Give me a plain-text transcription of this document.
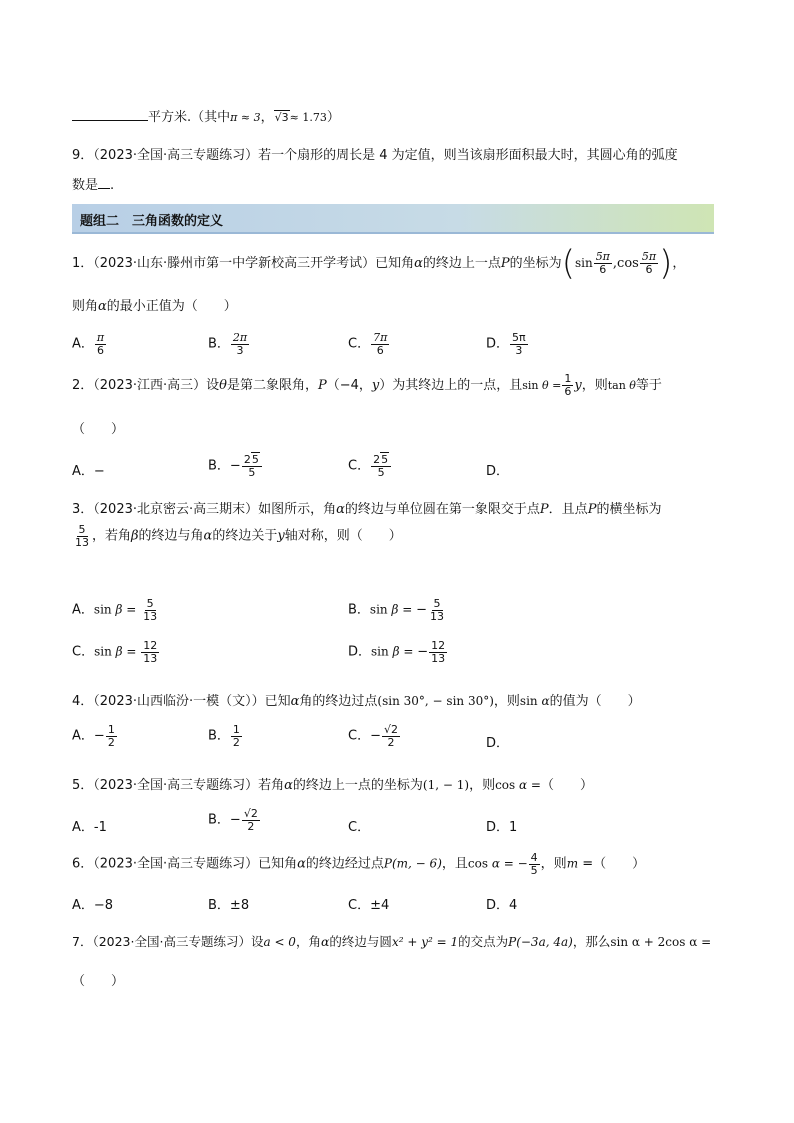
平方米.（其中π ≈ 3，√3≈ 1.73）
9．（2023·全国·高三专题练习）若一个扇形的周长是 4 为定值，则当该扇形面积最大时，其圆心角的弧度
数是 .
题组二　三角函数的定义
1．（2023·山东·滕州市第一中学新校高三开学考试）已知角α的终边上一点P的坐标为($\sin \frac{5\pi}{6} ,\cos \frac{5\pi}{6}$ )，
则角α的最小正值为（　　）
A． $\frac{\pi}{6}$	B． $\frac{2\pi}{3}$	C． $\frac{7\pi}{6}$	D． $\frac{5\pi}{3}$
2．（2023·江西·高三）设θ是第二象限角，P（−4，y）为其终边上的一点，且$\sin \theta = \frac{1}{6}$ y，则tan θ等于
（　　）
A．−	B．− $\frac{25}{5}$	C． $\frac{25}{5}$	D．
3．（2023·北京密云·高三期末）如图所示，角α的终边与单位圆在第一象限交于点P．且点P的横坐标为
$\frac{5}{13}$ ，若角β的终边与角α的终边关于y轴对称，则（　　）
A．$\sin \beta = \frac{5}{13}$	B．sin β = − $\frac{5}{13}$
C．$\sin \beta = \frac{12}{13}$	D．sin β = − $\frac{12}{13}$
4．（2023·山西临汾·一模（文））已知α角的终边过点(sin 30°, − sin 30°)，则sin α的值为（　　）
A．− $\frac{1}{2}$	B． $\frac{1}{2}$	C．− $\frac{√2}{2}$	D．
5．（2023·全国·高三专题练习）若角α的终边上一点的坐标为(1, − 1)，则cos α =（　　）
A．-1	B．− $\frac{√2}{2}$	C．	D．1
6．（2023·全国·高三专题练习）已知角α的终边经过点P(m, − 6)，且cos α = − $\frac{4}{5}$ ，则m =（　　）
A．−8	B．±8	C．±4	D．4
7．（2023·全国·高三专题练习）设a < 0，角α的终边与圆x² + y² = 1的交点为P(−3a, 4a)，那么sin α + 2cos α =
（　　）
